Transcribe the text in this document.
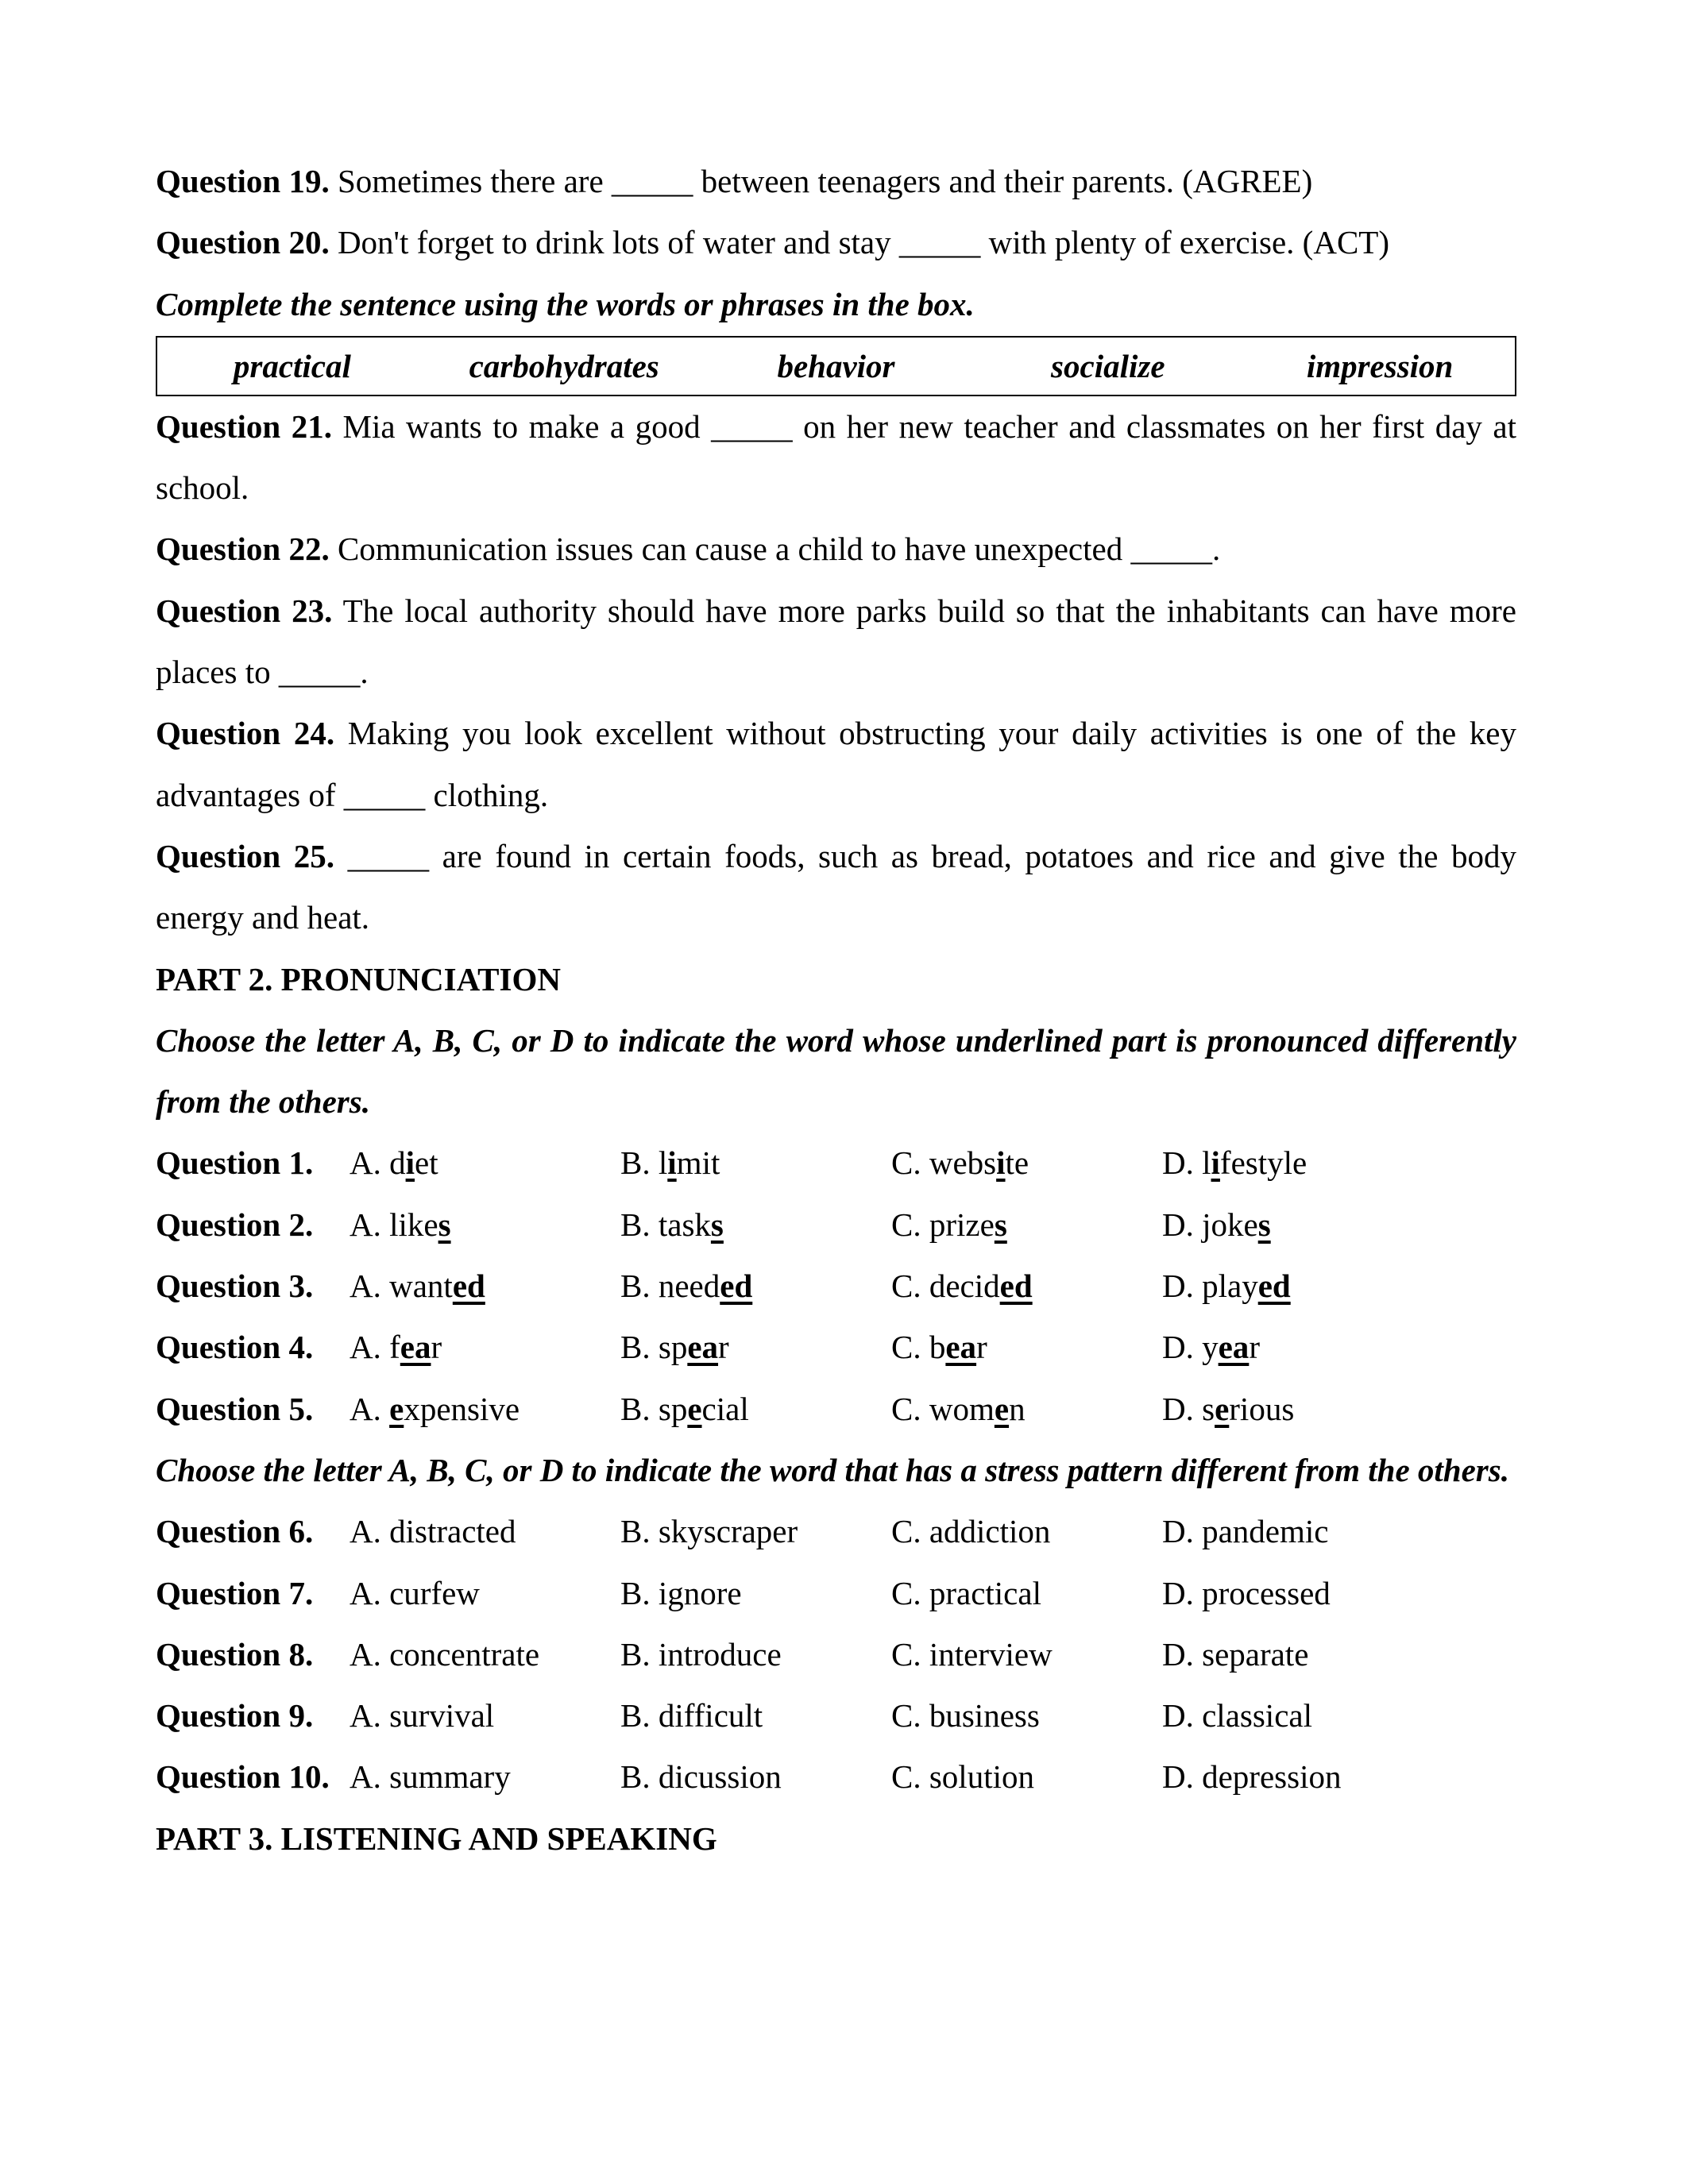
Question 19. Sometimes there are _____ between teenagers and their parents. (AGREE)
Question 20. Don't forget to drink lots of water and stay _____ with plenty of exercise. (ACT)
Complete the sentence using the words or phrases in the box.
practical	carbohydrates	behavior	socialize	impression
Question 21. Mia wants to make a good _____ on her new teacher and classmates on her first day at school.
Question 22. Communication issues can cause a child to have unexpected _____.
Question 23. The local authority should have more parks build so that the inhabitants can have more places to _____.
Question 24. Making you look excellent without obstructing your daily activities is one of the key advantages of _____ clothing.
Question 25. _____ are found in certain foods, such as bread, potatoes and rice and give the body energy and heat.
PART 2. PRONUNCIATION
Choose the letter A, B, C, or D to indicate the word whose underlined part is pronounced differently from the others.
Question 1.	A. diet	B. limit	C. website	D. lifestyle
Question 2.	A. likes	B. tasks	C. prizes	D. jokes
Question 3.	A. wanted	B. needed	C. decided	D. played
Question 4.	A. fear	B. spear	C. bear	D. year
Question 5.	A. expensive	B. special	C. women	D. serious
Choose the letter A, B, C, or D to indicate the word that has a stress pattern different from the others.
Question 6.	A. distracted	B. skyscraper	C. addiction	D. pandemic
Question 7.	A. curfew	B. ignore	C. practical	D. processed
Question 8.	A. concentrate	B. introduce	C. interview	D. separate
Question 9.	A. survival	B. difficult	C. business	D. classical
Question 10. A. summary	B. dicussion	C. solution	D. depression
PART 3. LISTENING AND SPEAKING
